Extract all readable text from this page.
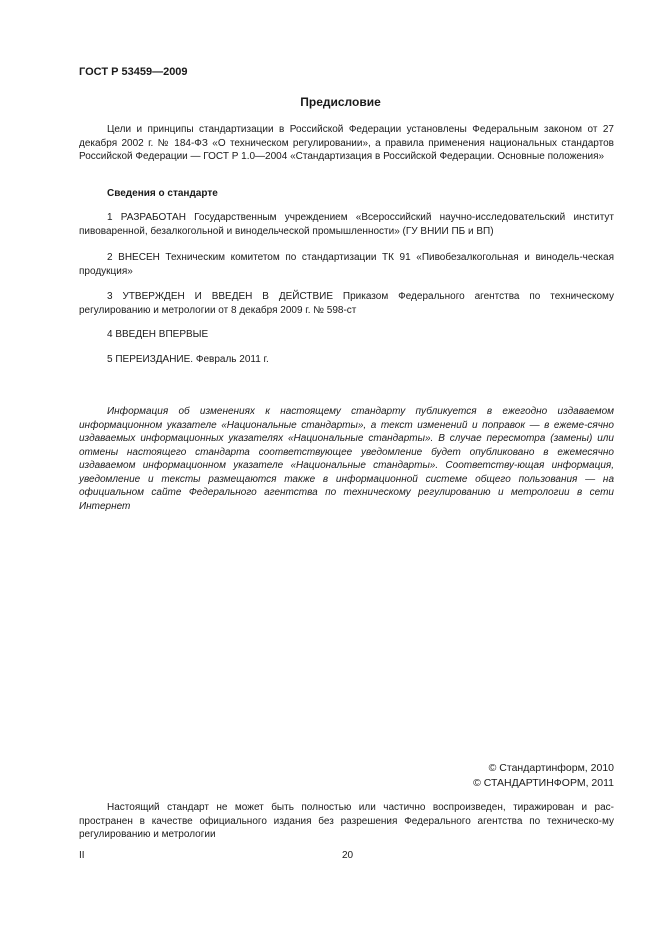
ГОСТ Р 53459—2009
Предисловие
Цели и принципы стандартизации в Российской Федерации установлены Федеральным законом от 27 декабря 2002 г. № 184-ФЗ «О техническом регулировании», а правила применения национальных стандартов Российской Федерации — ГОСТ Р 1.0—2004 «Стандартизация в Российской Федерации. Основные положения»
Сведения о стандарте
1 РАЗРАБОТАН Государственным учреждением «Всероссийский научно-исследовательский институт пивоваренной, безалкогольной и винодельческой промышленности» (ГУ ВНИИ ПБ и ВП)
2 ВНЕСЕН Техническим комитетом по стандартизации ТК 91 «Пивобезалкогольная и винодель-ческая продукция»
3 УТВЕРЖДЕН И ВВЕДЕН В ДЕЙСТВИЕ Приказом Федерального агентства по техническому регулированию и метрологии от 8 декабря 2009 г. № 598-ст
4 ВВЕДЕН ВПЕРВЫЕ
5 ПЕРЕИЗДАНИЕ. Февраль 2011 г.
Информация об изменениях к настоящему стандарту публикуется в ежегодно издаваемом информационном указателе «Национальные стандарты», а текст изменений и поправок — в ежеме-сячно издаваемых информационных указателях «Национальные стандарты». В случае пересмотра (замены) или отмены настоящего стандарта соответствующее уведомление будет опубликовано в ежемесячно издаваемом информационном указателе «Национальные стандарты». Соответству-ющая информация, уведомление и тексты размещаются также в информационной системе общего пользования — на официальном сайте Федерального агентства по техническому регулированию и метрологии в сети Интернет
© Стандартинформ, 2010
© СТАНДАРТИНФОРМ, 2011
Настоящий стандарт не может быть полностью или частично воспроизведен, тиражирован и рас-пространен в качестве официального издания без разрешения Федерального агентства по техническо-му регулированию и метрологии
II	20
